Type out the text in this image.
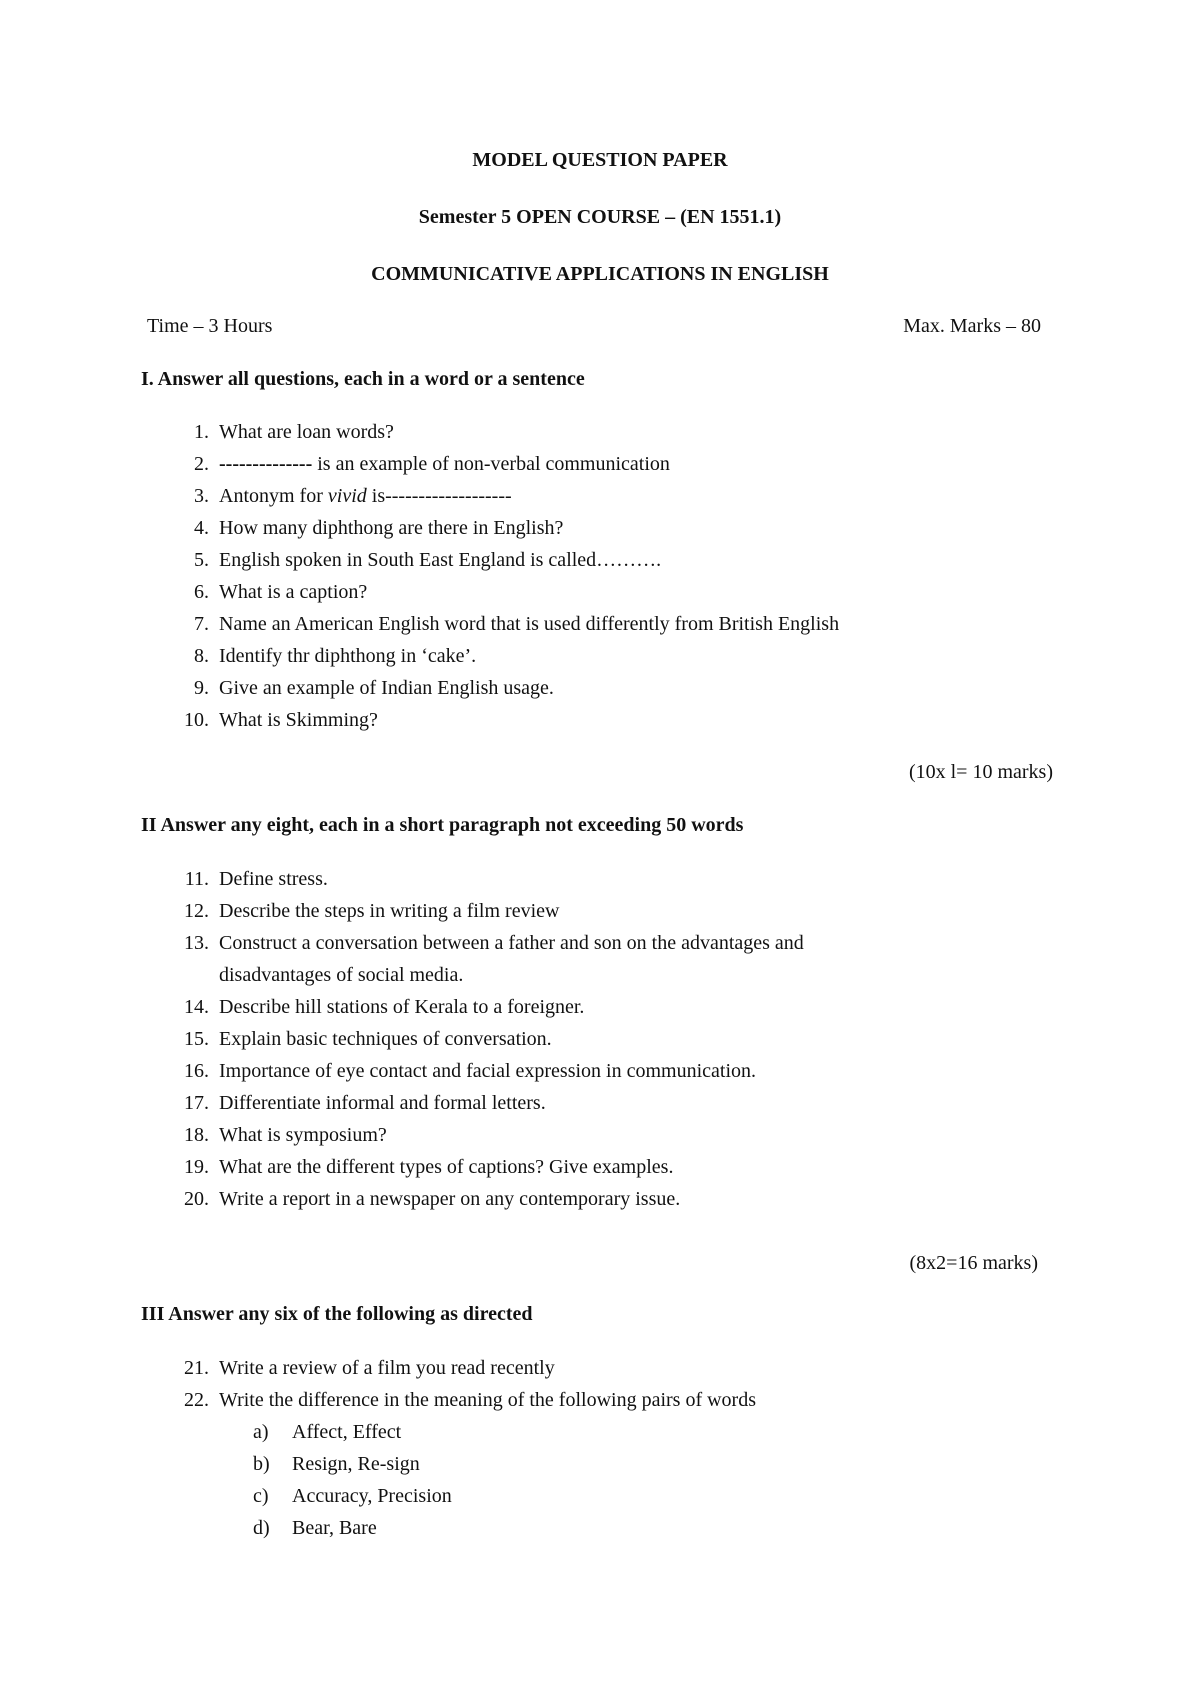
MODEL QUESTION PAPER
Semester 5 OPEN COURSE – (EN 1551.1)
COMMUNICATIVE APPLICATIONS IN ENGLISH
Time – 3 Hours	Max. Marks – 80
I. Answer all questions, each in a word or a sentence
1. What are loan words?
2. -------------- is an example of non-verbal communication
3. Antonym for vivid is-------------------
4. How many diphthong are there in English?
5. English spoken in South East England is called……….
6. What is a caption?
7. Name an American English word that is used differently from British English
8. Identify thr diphthong in ‘cake’.
9. Give an example of Indian English usage.
10. What is Skimming?
(10x l= 10 marks)
II Answer any eight, each in a short paragraph not exceeding 50 words
11. Define stress.
12. Describe the steps in writing a film review
13. Construct a conversation between a father and son on the advantages and
disadvantages of social media.
14. Describe hill stations of Kerala to a foreigner.
15. Explain basic techniques of conversation.
16. Importance of eye contact and facial expression in communication.
17. Differentiate informal and formal letters.
18. What is symposium?
19. What are the different types of captions? Give examples.
20. Write a report in a newspaper on any contemporary issue.
(8x2=16 marks)
III Answer any six of the following as directed
21. Write a review of a film you read recently
22. Write the difference in the meaning of the following pairs of words
a) Affect, Effect
b) Resign, Re-sign
c) Accuracy, Precision
d) Bear, Bare
